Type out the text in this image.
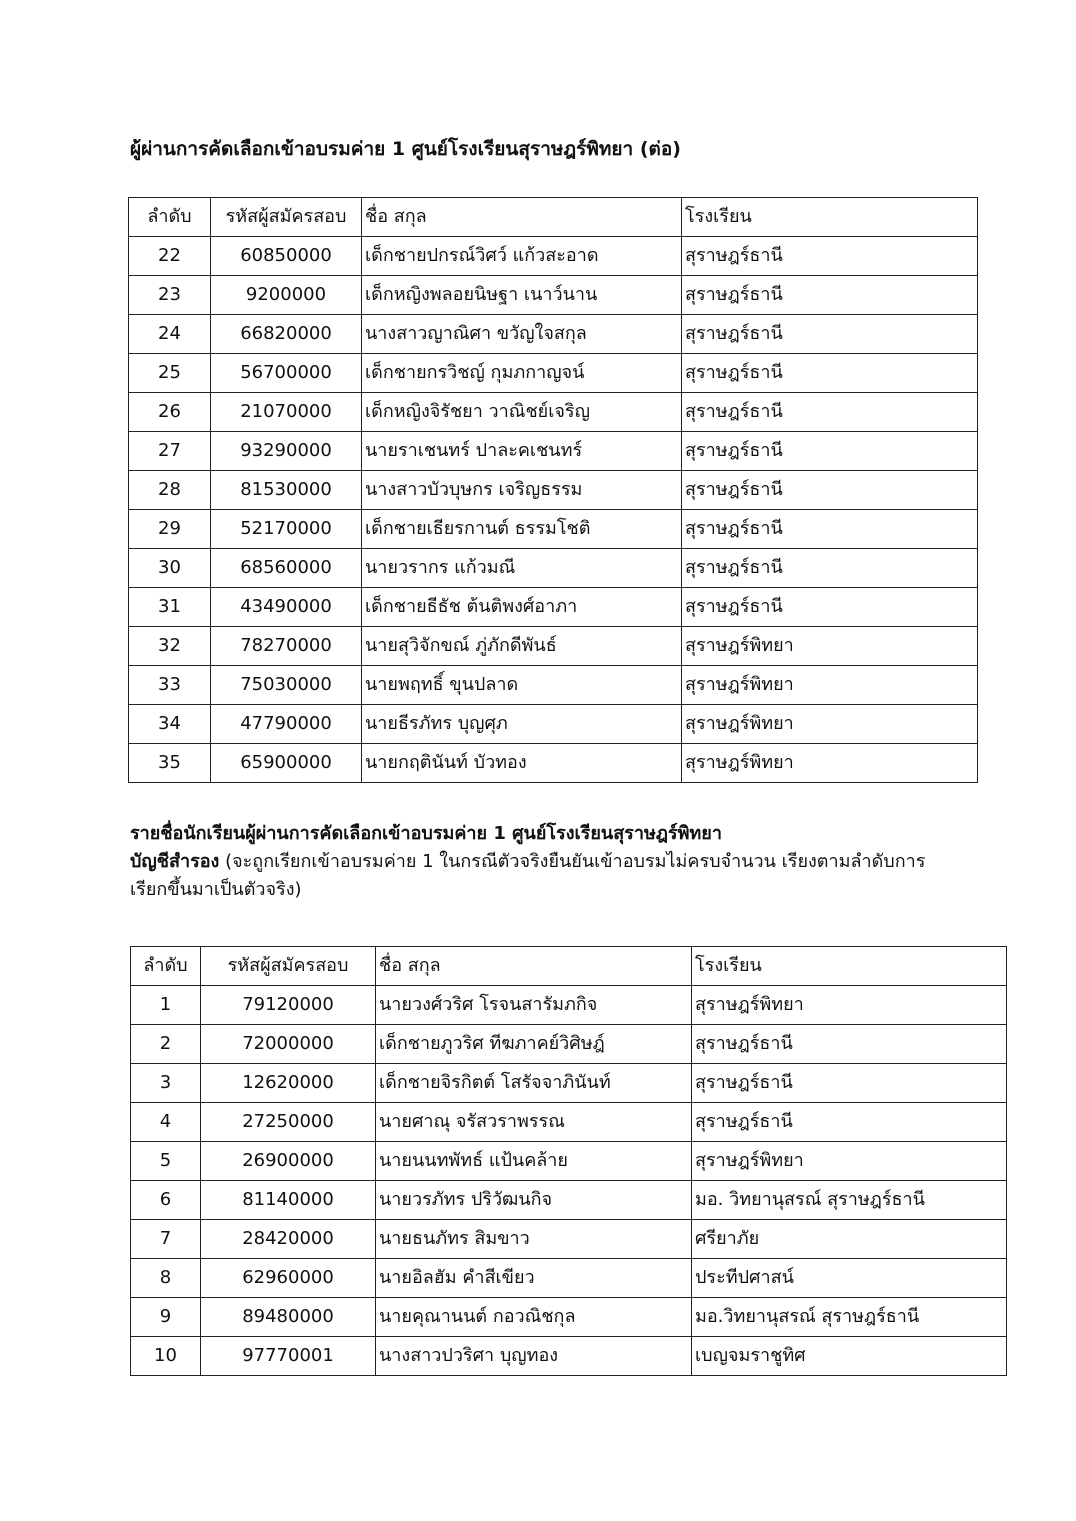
ผู้ผ่านการคัดเลือกเข้าอบรมค่าย 1 ศูนย์โรงเรียนสุราษฎร์พิทยา (ต่อ)
ลำดับ	รหัสผู้สมัครสอบ	ชื่อ สกุล	โรงเรียน
22	60850000	เด็กชายปกรณ์วิศว์ แก้วสะอาด	สุราษฎร์ธานี
23	9200000	เด็กหญิงพลอยนิษฐา เนาว์นาน	สุราษฎร์ธานี
24	66820000	นางสาวญาณิศา ขวัญใจสกุล	สุราษฎร์ธานี
25	56700000	เด็กชายกรวิชญ์ กุมภกาญจน์	สุราษฎร์ธานี
26	21070000	เด็กหญิงจิรัชยา วาณิชย์เจริญ	สุราษฎร์ธานี
27	93290000	นายราเชนทร์ ปาละคเชนทร์	สุราษฎร์ธานี
28	81530000	นางสาวบัวบุษกร เจริญธรรม	สุราษฎร์ธานี
29	52170000	เด็กชายเธียรกานต์ ธรรมโชติ	สุราษฎร์ธานี
30	68560000	นายวรากร แก้วมณี	สุราษฎร์ธานี
31	43490000	เด็กชายธีธัช ต้นติพงศ์อาภา	สุราษฎร์ธานี
32	78270000	นายสุวิจักขณ์ ภู่ภักดีพันธ์	สุราษฎร์พิทยา
33	75030000	นายพฤทธิ์ ขุนปลาด	สุราษฎร์พิทยา
34	47790000	นายธีรภัทร บุญศุภ	สุราษฎร์พิทยา
35	65900000	นายกฤตินันท์ บัวทอง	สุราษฎร์พิทยา
รายชื่อนักเรียนผู้ผ่านการคัดเลือกเข้าอบรมค่าย 1 ศูนย์โรงเรียนสุราษฎร์พิทยา
บัญชีสำรอง (จะถูกเรียกเข้าอบรมค่าย 1 ในกรณีตัวจริงยืนยันเข้าอบรมไม่ครบจำนวน เรียงตามลำดับการ
เรียกขึ้นมาเป็นตัวจริง)
ลำดับ	รหัสผู้สมัครสอบ	ชื่อ สกุล	โรงเรียน
1	79120000	นายวงศ์วริศ โรจนสารัมภกิจ	สุราษฎร์พิทยา
2	72000000	เด็กชายภูวริศ ทีฆภาคย์วิศิษฎ์	สุราษฎร์ธานี
3	12620000	เด็กชายจิรกิตต์ โสรัจจาภินันท์	สุราษฎร์ธานี
4	27250000	นายศาณุ จรัสวราพรรณ	สุราษฎร์ธานี
5	26900000	นายนนทพัทธ์ แป้นคล้าย	สุราษฎร์พิทยา
6	81140000	นายวรภัทร ปริวัฒนกิจ	มอ. วิทยานุสรณ์ สุราษฎร์ธานี
7	28420000	นายธนภัทร สิมขาว	ศรียาภัย
8	62960000	นายอิลฮัม คำสีเขียว	ประทีปศาสน์
9	89480000	นายคุณานนต์ กอวณิชกุล	มอ.วิทยานุสรณ์ สุราษฎร์ธานี
10	97770001	นางสาวปวริศา บุญทอง	เบญจมราชูทิศ
